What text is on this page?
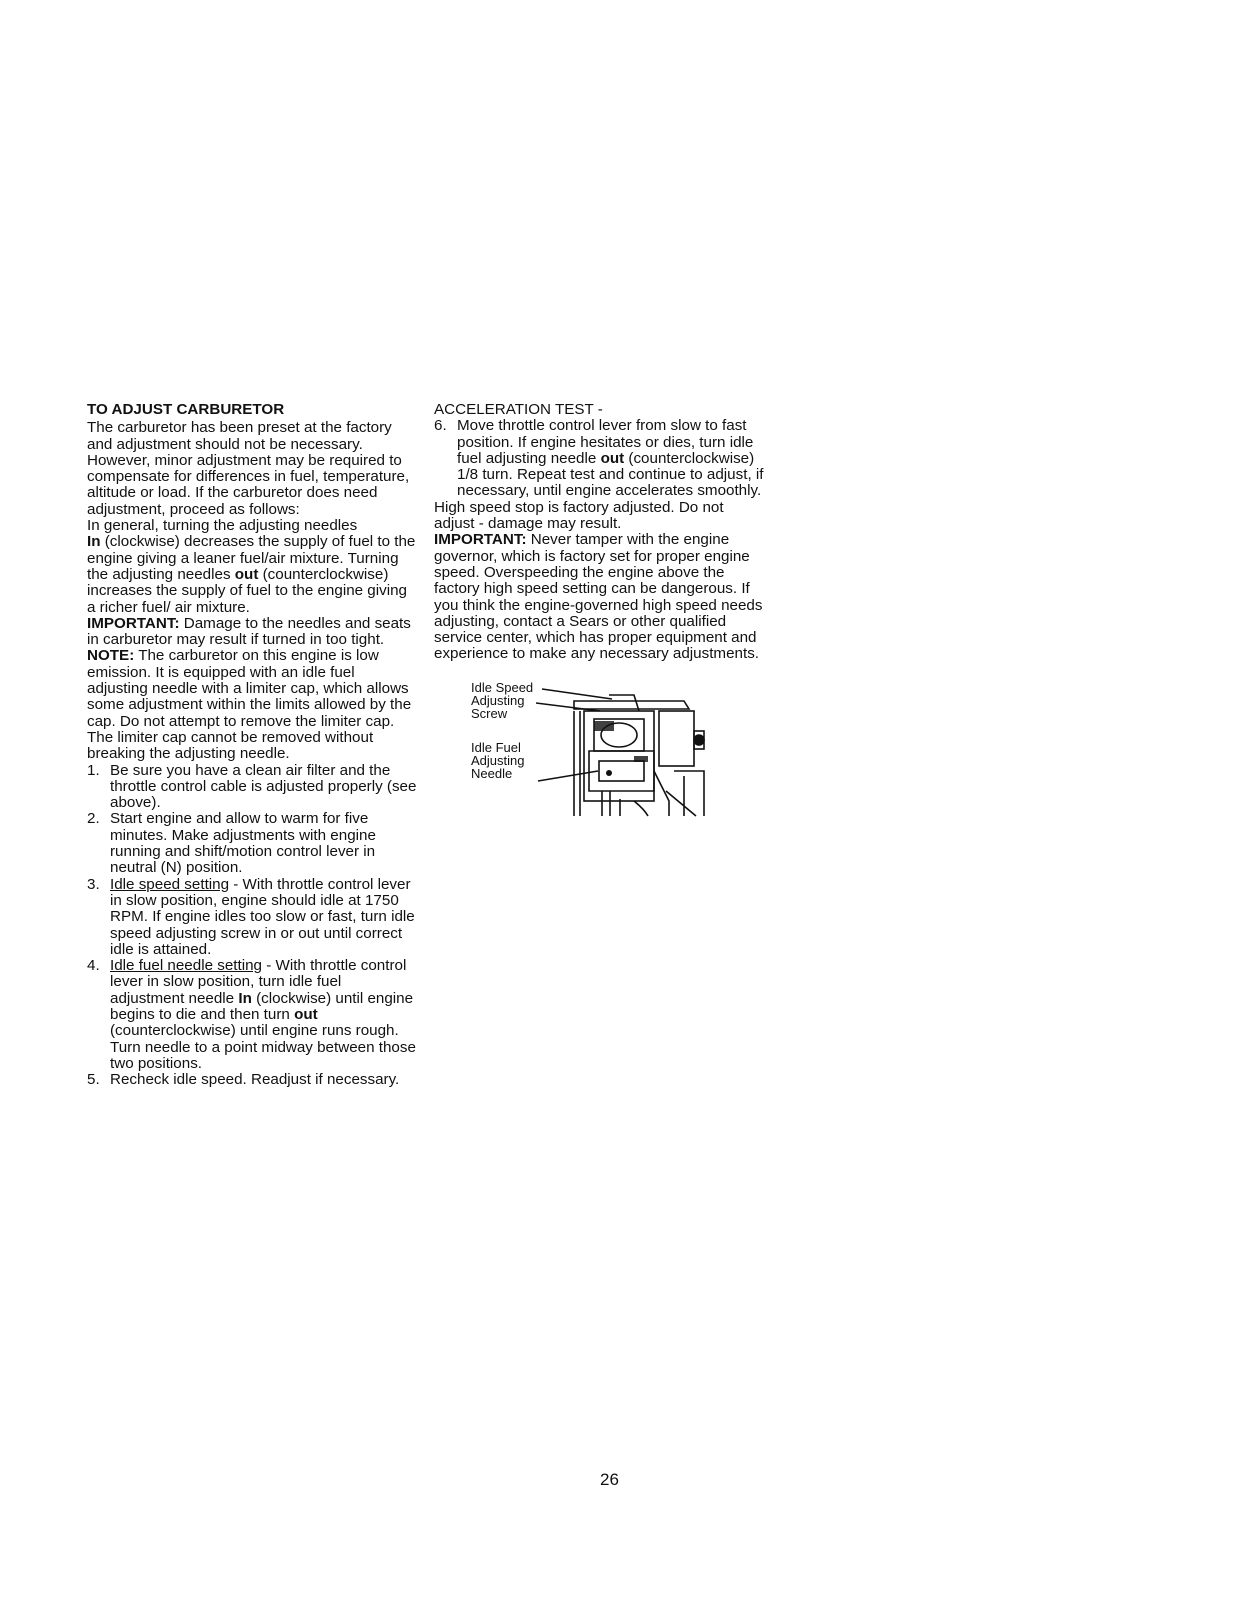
TO ADJUST CARBURETOR

The carburetor has been preset at the factory and adjustment should not be necessary. However, minor adjustment may be required to compensate for differences in fuel, temperature, altitude or load. If the carburetor does need adjustment, proceed as follows:

In general, turning the adjusting needles
In (clockwise) decreases the supply of fuel to the engine giving a leaner fuel/air mixture. Turning the adjusting needles out (counterclockwise) increases the supply of fuel to the engine giving a richer fuel/ air mixture.

IMPORTANT: Damage to the needles and seats in carburetor may result if turned in too tight.

NOTE: The carburetor on this engine is low emission. It is equipped with an idle fuel adjusting needle with a limiter cap, which allows some adjustment within the limits allowed by the cap. Do not attempt to remove the limiter cap. The limiter cap cannot be removed without breaking the adjusting needle.

1. Be sure you have a clean air filter and the throttle control cable is adjusted properly (see above).

2. Start engine and allow to warm for five minutes. Make adjustments with engine running and shift/motion control lever in neutral (N) position.

3. Idle speed setting - With throttle control lever in slow position, engine should idle at 1750 RPM. If engine idles too slow or fast, turn idle speed adjusting screw in or out until correct idle is attained.

4. Idle fuel needle setting - With throttle control lever in slow position, turn idle fuel adjustment needle In (clockwise) until engine begins to die and then turn out (counterclockwise) until engine runs rough. Turn needle to a point midway between those two positions.

5. Recheck idle speed. Readjust if necessary.

ACCELERATION TEST -

6. Move throttle control lever from slow to fast position. If engine hesitates or dies, turn idle fuel adjusting needle out (counterclockwise) 1/8 turn. Repeat test and continue to adjust, if necessary, until engine accelerates smoothly.

High speed stop is factory adjusted. Do not adjust - damage may result.

IMPORTANT: Never tamper with the engine governor, which is factory set for proper engine speed. Overspeeding the engine above the factory high speed setting can be dangerous. If you think the engine-governed high speed needs adjusting, contact a Sears or other qualified service center, which has proper equipment and experience to make any necessary adjustments.

Idle Speed
Adjusting
Screw
Idle Fuel
Adjusting
Needle
26
